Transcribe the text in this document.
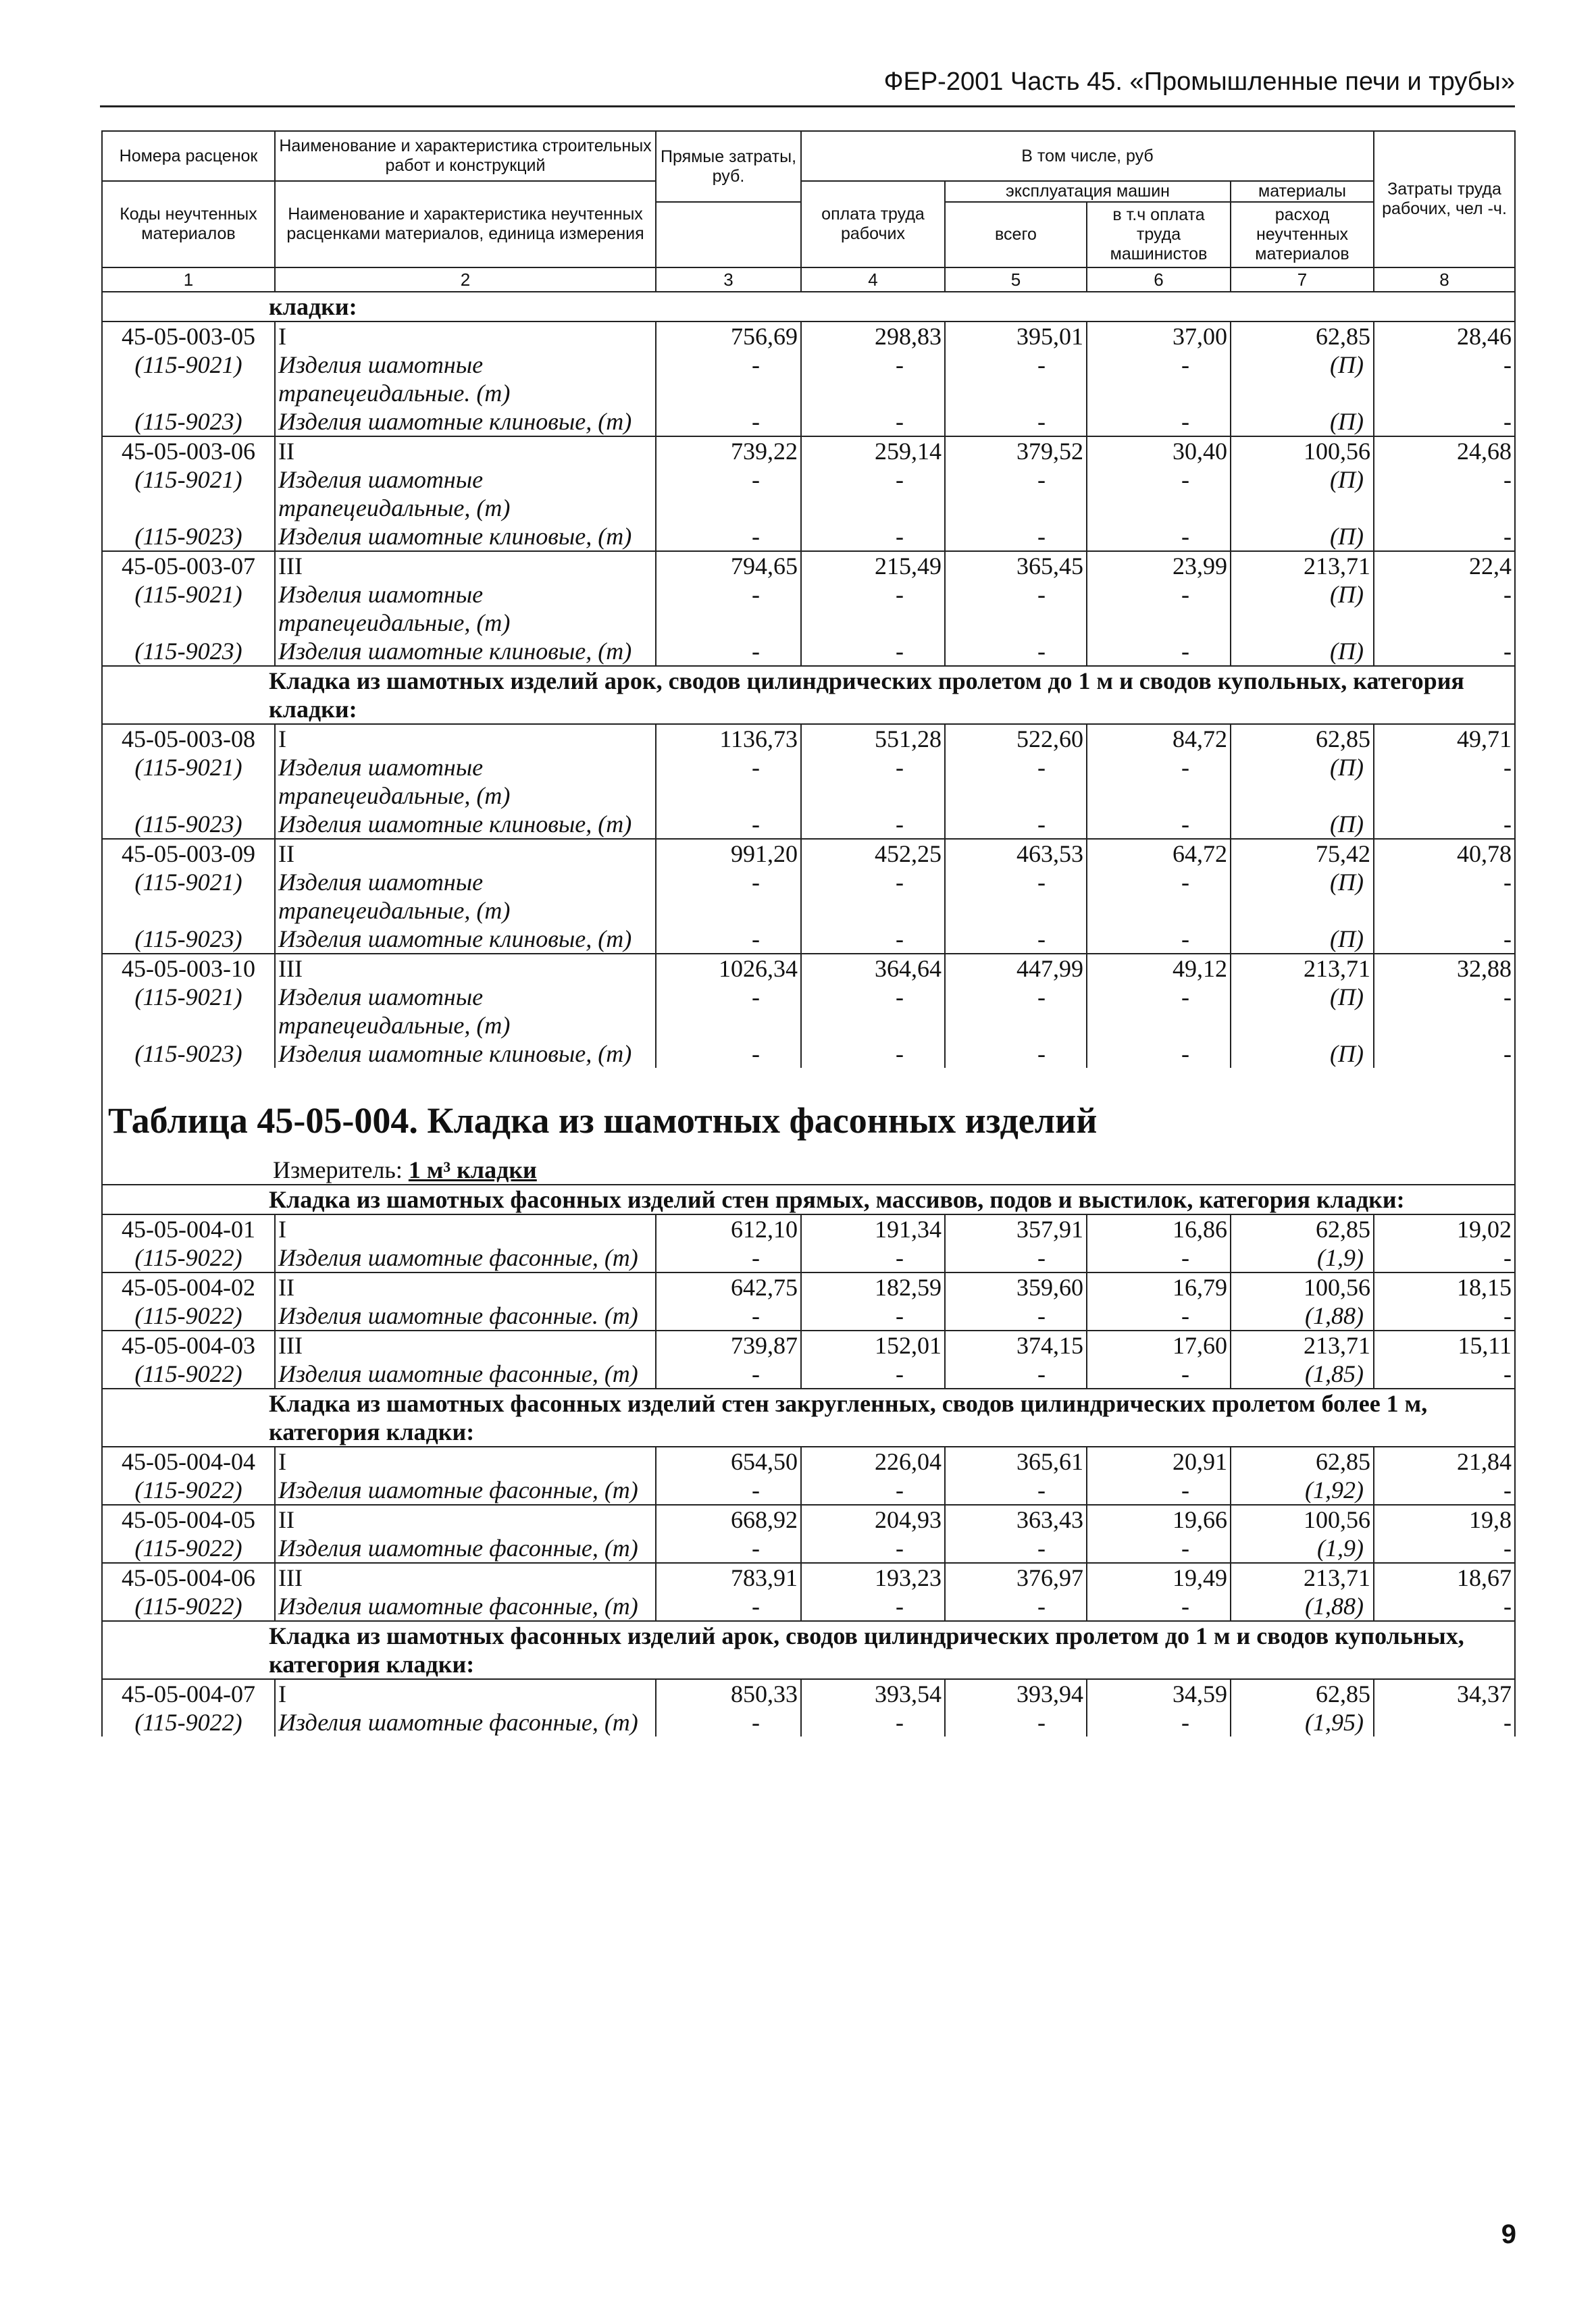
ФЕР-2001 Часть 45. «Промышленные печи и трубы»
Номера расценок	Наименование и характеристика строительных работ и конструкций	Прямые затраты, руб.	В том числе, руб				Затраты труда рабочих, чел -ч.
Коды неучтенных материалов	Наименование и характеристика неучтенных расценками материалов, единица измерения		оплата труда рабочих	эксплуатация машин		материалы	
				всего	в т.ч оплата труда машинистов	расход неучтенных материалов	

1	2	3	4	5	6	7	8
кладки:							
45-05-003-05	I	756,69	298,83	395,01	37,00	62,85	28,46
(115-9021)	Изделия шамотные трапецеидальные. (т)	-	-	-	-	(П)	-
(115-9023)	Изделия шамотные клиновые, (т)	-	-	-	-	(П)	-
45-05-003-06	II	739,22	259,14	379,52	30,40	100,56	24,68
(115-9021)	Изделия шамотные трапецеидальные, (т)	-	-	-	-	(П)	-
(115-9023)	Изделия шамотные клиновые, (т)	-	-	-	-	(П)	-
45-05-003-07	III	794,65	215,49	365,45	23,99	213,71	22,4
(115-9021)	Изделия шамотные трапецеидальные, (т)	-	-	-	-	(П)	-
(115-9023)	Изделия шамотные клиновые, (т)	-	-	-	-	(П)	-
Кладка из шамотных изделий арок, сводов цилиндрических пролетом до 1 м и сводов купольных, категория кладки:							
45-05-003-08	I	1136,73	551,28	522,60	84,72	62,85	49,71
(115-9021)	Изделия шамотные трапецеидальные, (т)	-	-	-	-	(П)	-
(115-9023)	Изделия шамотные клиновые, (т)	-	-	-	-	(П)	-
45-05-003-09	II	991,20	452,25	463,53	64,72	75,42	40,78
(115-9021)	Изделия шамотные трапецеидальные, (т)	-	-	-	-	(П)	-
(115-9023)	Изделия шамотные клиновые, (т)	-	-	-	-	(П)	-
45-05-003-10	III	1026,34	364,64	447,99	49,12	213,71	32,88
(115-9021)	Изделия шамотные трапецеидальные, (т)	-	-	-	-	(П)	-
(115-9023)	Изделия шамотные клиновые, (т)	-	-	-	-	(П)	-

Таблица 45-05-004. Кладка из шамотных фасонных изделий
Измеритель: 1 м³ кладки							

Кладка из шамотных фасонных изделий стен прямых, массивов, подов и выстилок, категория кладки:							
45-05-004-01	I	612,10	191,34	357,91	16,86	62,85	19,02
(115-9022)	Изделия шамотные фасонные, (т)	-	-	-	-	(1,9)	-
45-05-004-02	II	642,75	182,59	359,60	16,79	100,56	18,15
(115-9022)	Изделия шамотные фасонные. (т)	-	-	-	-	(1,88)	-
45-05-004-03	III	739,87	152,01	374,15	17,60	213,71	15,11
(115-9022)	Изделия шамотные фасонные, (т)	-	-	-	-	(1,85)	-
Кладка из шамотных фасонных изделий стен закругленных, сводов цилиндрических пролетом более 1 м, категория кладки:							
45-05-004-04	I	654,50	226,04	365,61	20,91	62,85	21,84
(115-9022)	Изделия шамотные фасонные, (т)	-	-	-	-	(1,92)	-
45-05-004-05	II	668,92	204,93	363,43	19,66	100,56	19,8
(115-9022)	Изделия шамотные фасонные, (т)	-	-	-	-	(1,9)	-
45-05-004-06	III	783,91	193,23	376,97	19,49	213,71	18,67
(115-9022)	Изделия шамотные фасонные, (т)	-	-	-	-	(1,88)	-
Кладка из шамотных фасонных изделий арок, сводов цилиндрических пролетом до 1 м и сводов купольных, категория кладки:							
45-05-004-07	I	850,33	393,54	393,94	34,59	62,85	34,37
(115-9022)	Изделия шамотные фасонные, (т)	-	-	-	-	(1,95)	-
9
